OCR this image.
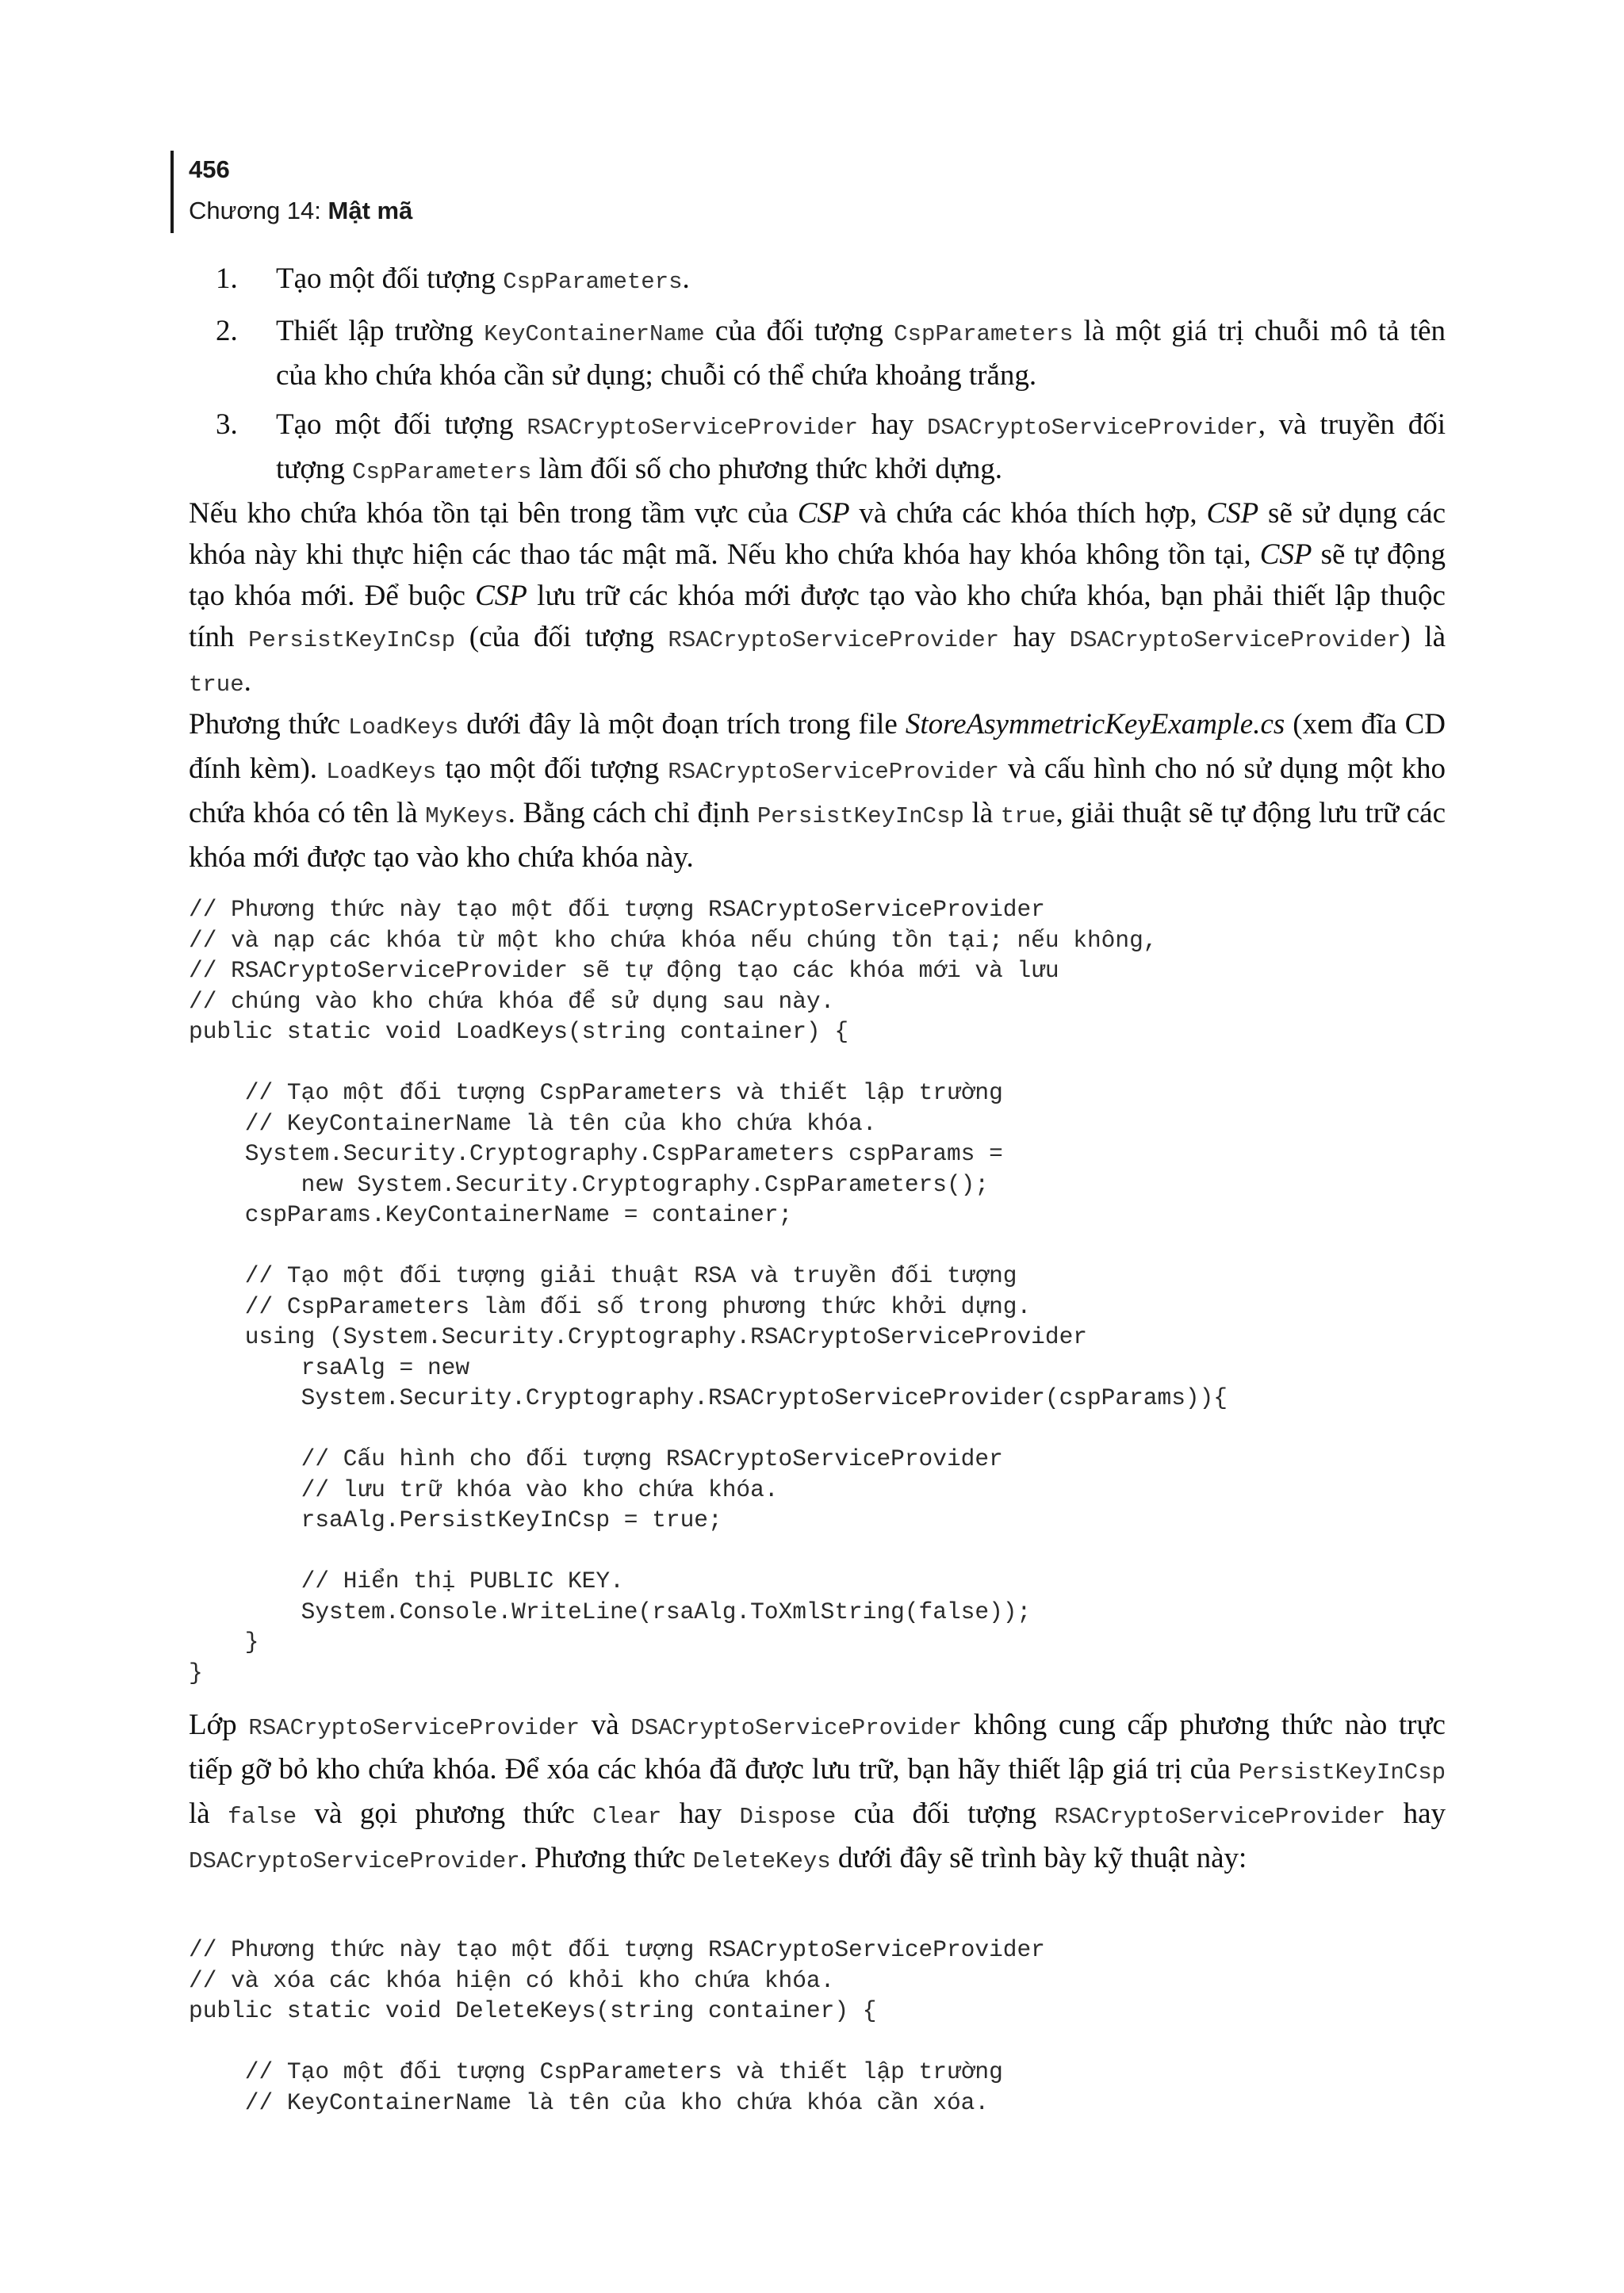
456
Chương 14: Mật mã
1.	Tạo một đối tượng CspParameters.
2.	Thiết lập trường KeyContainerName của đối tượng CspParameters là một giá trị chuỗi mô tả tên của kho chứa khóa cần sử dụng; chuỗi có thể chứa khoảng trắng.
3.	Tạo một đối tượng RSACryptoServiceProvider hay DSACryptoServiceProvider, và truyền đối tượng CspParameters làm đối số cho phương thức khởi dựng.

Nếu kho chứa khóa tồn tại bên trong tầm vực của CSP và chứa các khóa thích hợp, CSP sẽ sử dụng các khóa này khi thực hiện các thao tác mật mã. Nếu kho chứa khóa hay khóa không tồn tại, CSP sẽ tự động tạo khóa mới. Để buộc CSP lưu trữ các khóa mới được tạo vào kho chứa khóa, bạn phải thiết lập thuộc tính PersistKeyInCsp (của đối tượng RSACryptoServiceProvider hay DSACryptoServiceProvider) là true.

Phương thức LoadKeys dưới đây là một đoạn trích trong file StoreAsymmetricKeyExample.cs (xem đĩa CD đính kèm). LoadKeys tạo một đối tượng RSACryptoServiceProvider và cấu hình cho nó sử dụng một kho chứa khóa có tên là MyKeys. Bằng cách chỉ định PersistKeyInCsp là true, giải thuật sẽ tự động lưu trữ các khóa mới được tạo vào kho chứa khóa này.

// Phương thức này tạo một đối tượng RSACryptoServiceProvider
// và nạp các khóa từ một kho chứa khóa nếu chúng tồn tại; nếu không,
// RSACryptoServiceProvider sẽ tự động tạo các khóa mới và lưu
// chúng vào kho chứa khóa để sử dụng sau này.
public static void LoadKeys(string container) {

// Tạo một đối tượng CspParameters và thiết lập trường
// KeyContainerName là tên của kho chứa khóa.
System.Security.Cryptography.CspParameters cspParams =
new System.Security.Cryptography.CspParameters();
cspParams.KeyContainerName = container;

// Tạo một đối tượng giải thuật RSA và truyền đối tượng
// CspParameters làm đối số trong phương thức khởi dựng.
using (System.Security.Cryptography.RSACryptoServiceProvider
rsaAlg = new
System.Security.Cryptography.RSACryptoServiceProvider(cspParams)){

// Cấu hình cho đối tượng RSACryptoServiceProvider
// lưu trữ khóa vào kho chứa khóa.
rsaAlg.PersistKeyInCsp = true;

// Hiển thị PUBLIC KEY.
System.Console.WriteLine(rsaAlg.ToXmlString(false));
}
}

Lớp RSACryptoServiceProvider và DSACryptoServiceProvider không cung cấp phương thức nào trực tiếp gỡ bỏ kho chứa khóa. Để xóa các khóa đã được lưu trữ, bạn hãy thiết lập giá trị của PersistKeyInCsp là false và gọi phương thức Clear hay Dispose của đối tượng RSACryptoServiceProvider hay DSACryptoServiceProvider. Phương thức DeleteKeys dưới đây sẽ trình bày kỹ thuật này:

// Phương thức này tạo một đối tượng RSACryptoServiceProvider
// và xóa các khóa hiện có khỏi kho chứa khóa.
public static void DeleteKeys(string container) {

// Tạo một đối tượng CspParameters và thiết lập trường
// KeyContainerName là tên của kho chứa khóa cần xóa.
